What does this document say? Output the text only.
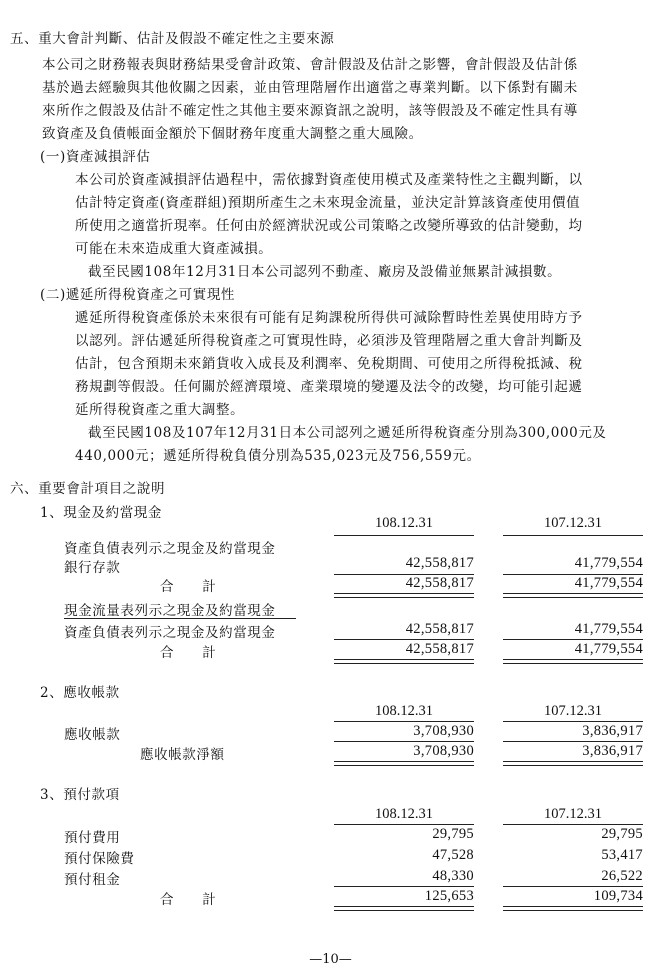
五、重大會計判斷、估計及假設不確定性之主要來源
本公司之財務報表與財務結果受會計政策、會計假設及估計之影響，會計假設及估計係
基於過去經驗與其他攸關之因素，並由管理階層作出適當之專業判斷。以下係對有關未
來所作之假設及估計不確定性之其他主要來源資訊之說明，該等假設及不確定性具有導
致資產及負債帳面金額於下個財務年度重大調整之重大風險。
(一)資產減損評估
本公司於資產減損評估過程中，需依據對資產使用模式及產業特性之主觀判斷，以
估計特定資產(資產群組)預期所產生之未來現金流量，並決定計算該資產使用價值
所使用之適當折現率。任何由於經濟狀況或公司策略之改變所導致的估計變動，均
可能在未來造成重大資產減損。
截至民國108年12月31日本公司認列不動產、廠房及設備並無累計減損數。
(二)遞延所得稅資產之可實現性
遞延所得稅資產係於未來很有可能有足夠課稅所得供可減除暫時性差異使用時方予
以認列。評估遞延所得稅資產之可實現性時，必須涉及管理階層之重大會計判斷及
估計，包含預期未來銷貨收入成長及利潤率、免稅期間、可使用之所得稅抵減、稅
務規劃等假設。任何關於經濟環境、產業環境的變遷及法令的改變，均可能引起遞
延所得稅資產之重大調整。
截至民國108及107年12月31日本公司認列之遞延所得稅資產分別為300,000元及
440,000元；遞延所得稅負債分別為535,023元及756,559元。
六、重要會計項目之說明
1、現金及約當現金
108.12.31	107.12.31
資產負債表列示之現金及約當現金
銀行存款	42,558,817	41,779,554
合　　計	42,558,817	41,779,554
現金流量表列示之現金及約當現金
資產負債表列示之現金及約當現金	42,558,817	41,779,554
合　　計	42,558,817	41,779,554
2、應收帳款
108.12.31	107.12.31
應收帳款	3,708,930	3,836,917
應收帳款淨額	3,708,930	3,836,917
3、預付款項
108.12.31	107.12.31
預付費用	29,795	29,795
預付保險費	47,528	53,417
預付租金	48,330	26,522
合　　計	125,653	109,734
—10—
